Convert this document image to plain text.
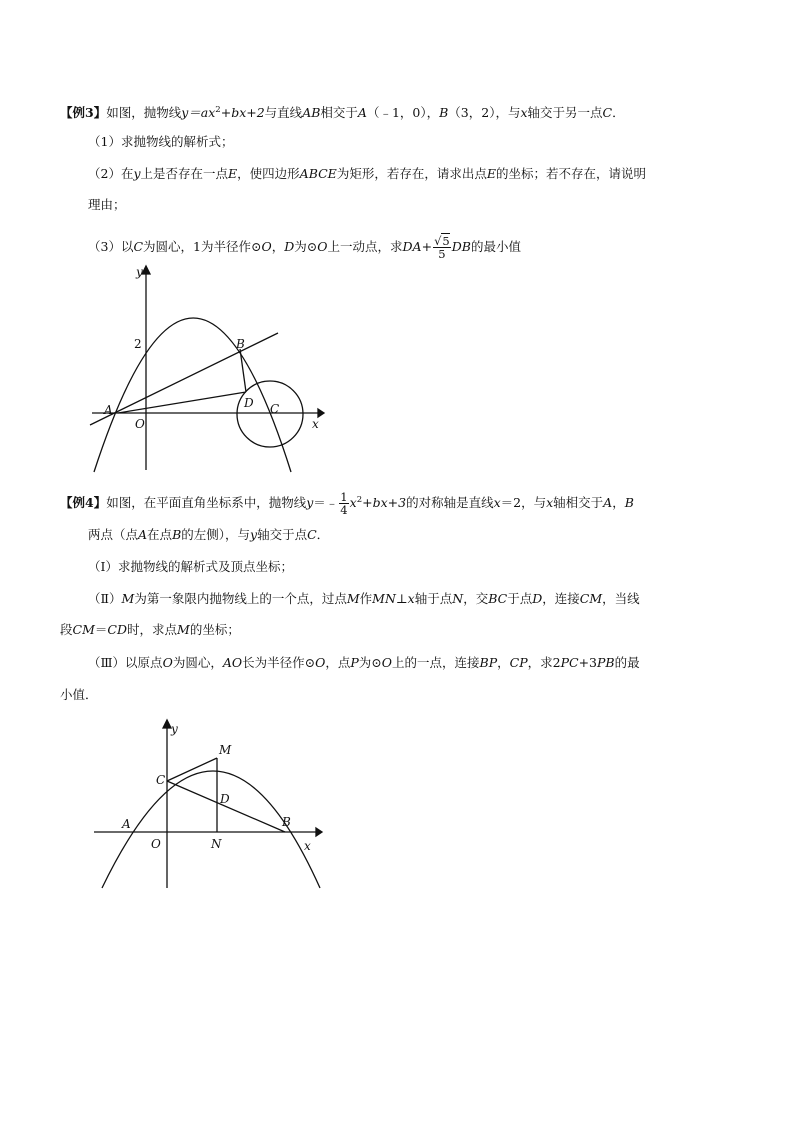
【例3】如图，抛物线$y=ax^2+bx+2$与直线AB相交于A（﹣1，0），B（3，2），与x轴交于另一点C．
（1）求抛物线的解析式；
（2）在y上是否存在一点E，使四边形ABCE为矩形，若存在，请求出点E的坐标；若不存在，请说明
理由；
（3）以C为圆心，1为半径作⊙O，D为⊙O上一动点，求$DA+ \frac{√5}{5}$ DB的最小值
y
x
2
A
O
B
D C
【例4】如图，在平面直角坐标系中，抛物线y＝﹣ $\frac{1}{4} x^2+bx+3$的对称轴是直线x＝2，与x轴相交于A，B
两点（点A在点B的左侧），与y轴交于点C．
（Ⅰ）求抛物线的解析式及顶点坐标；
（Ⅱ）M为第一象限内抛物线上的一个点，过点M作MN⊥x轴于点N，交BC于点D，连接CM，当线
段CM＝CD时，求点M的坐标；
（Ⅲ）以原点O为圆心，AO长为半径作⊙O，点P为⊙O上的一点，连接BP，CP，求2PC+3PB的最
小值．
y
M
C
D
A	B
O	N	x
